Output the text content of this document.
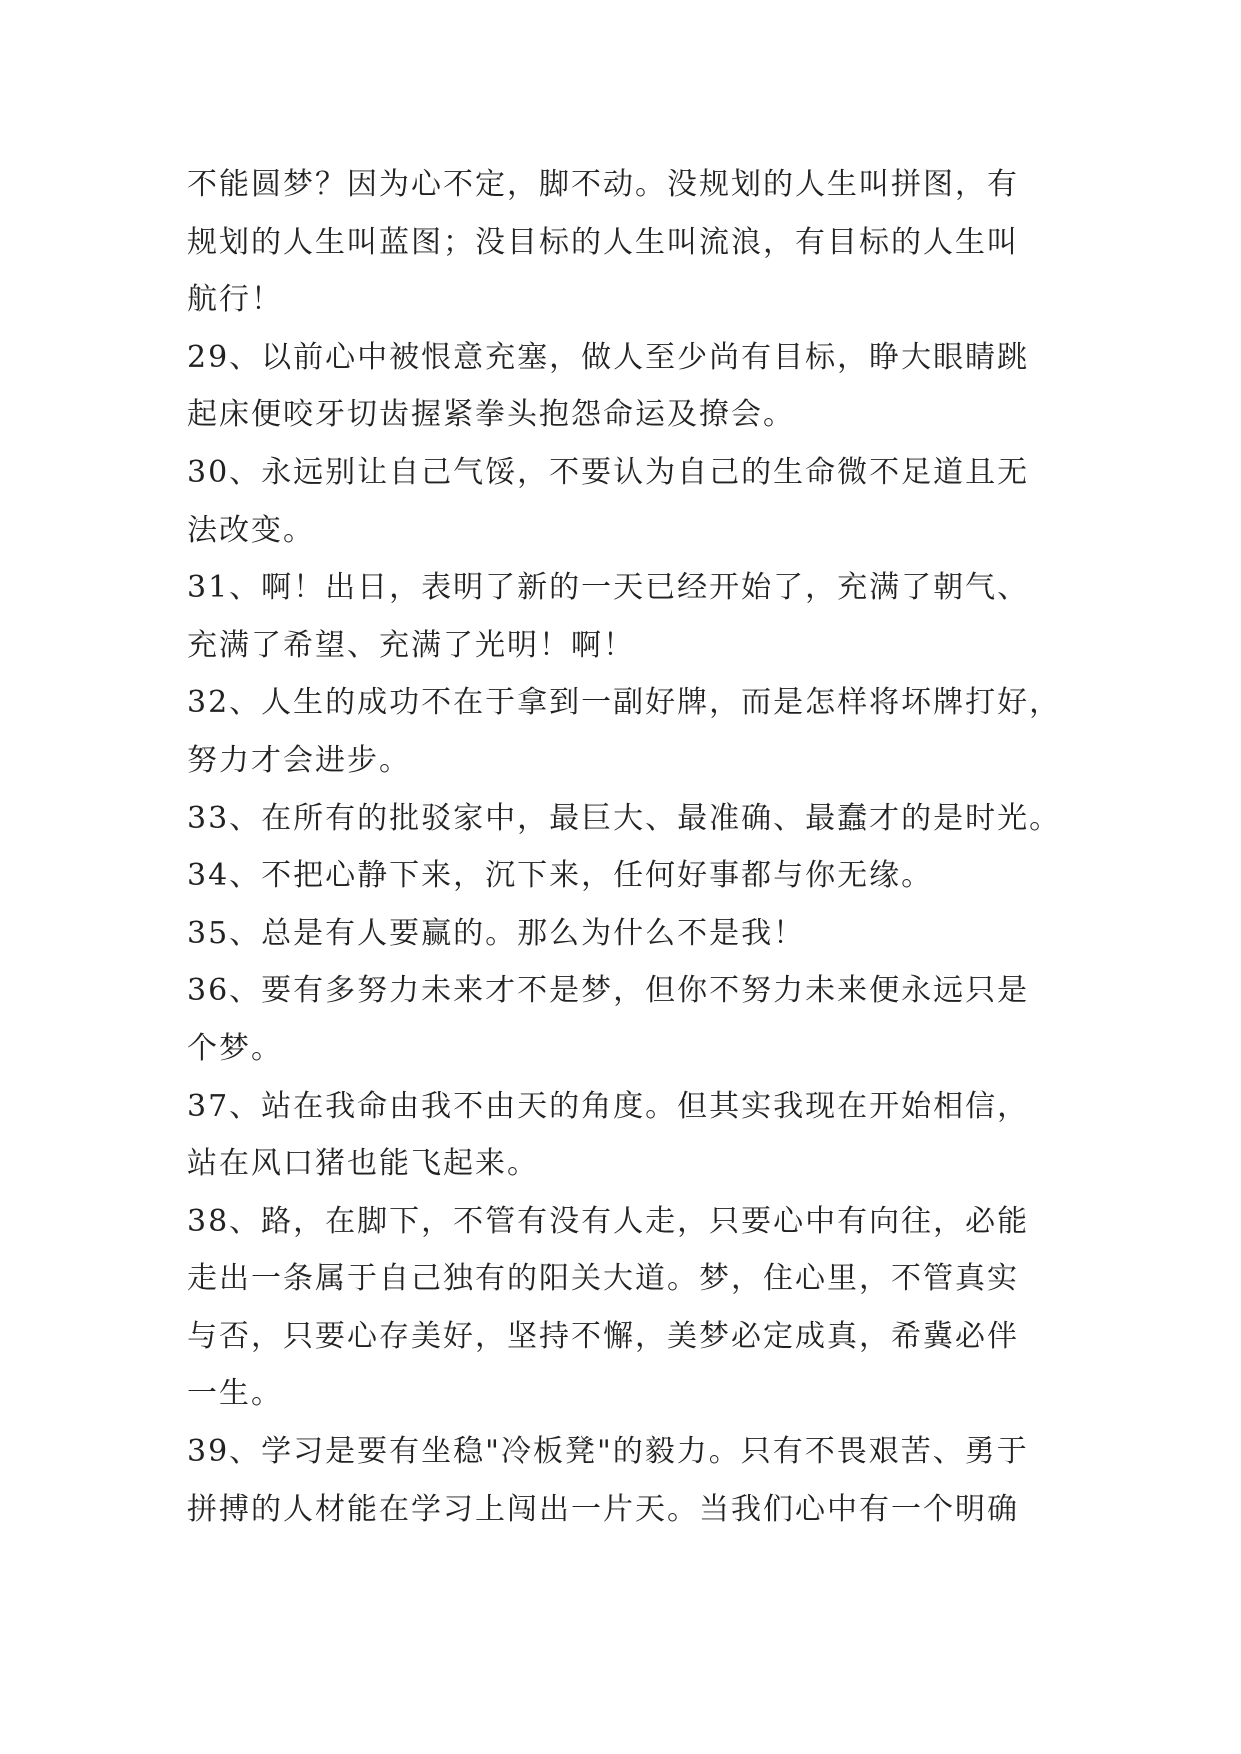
不能圆梦？因为心不定，脚不动。没规划的人生叫拼图，有
规划的人生叫蓝图；没目标的人生叫流浪，有目标的人生叫
航行！
29、以前心中被恨意充塞，做人至少尚有目标，睁大眼睛跳
起床便咬牙切齿握紧拳头抱怨命运及撩会。
30、永远别让自己气馁，不要认为自己的生命微不足道且无
法改变。
31、啊！出日，表明了新的一天已经开始了，充满了朝气、
充满了希望、充满了光明！啊！
32、人生的成功不在于拿到一副好牌，而是怎样将坏牌打好，
努力才会进步。
33、在所有的批驳家中，最巨大、最准确、最蠢才的是时光。
34、不把心静下来，沉下来，任何好事都与你无缘。
35、总是有人要赢的。那么为什么不是我！
36、要有多努力未来才不是梦，但你不努力未来便永远只是
个梦。
37、站在我命由我不由天的角度。但其实我现在开始相信，
站在风口猪也能飞起来。
38、路，在脚下，不管有没有人走，只要心中有向往，必能
走出一条属于自己独有的阳关大道。梦，住心里，不管真实
与否，只要心存美好，坚持不懈，美梦必定成真，希冀必伴
一生。
39、学习是要有坐稳"冷板凳"的毅力。只有不畏艰苦、勇于
拼搏的人材能在学习上闯出一片天。当我们心中有一个明确
